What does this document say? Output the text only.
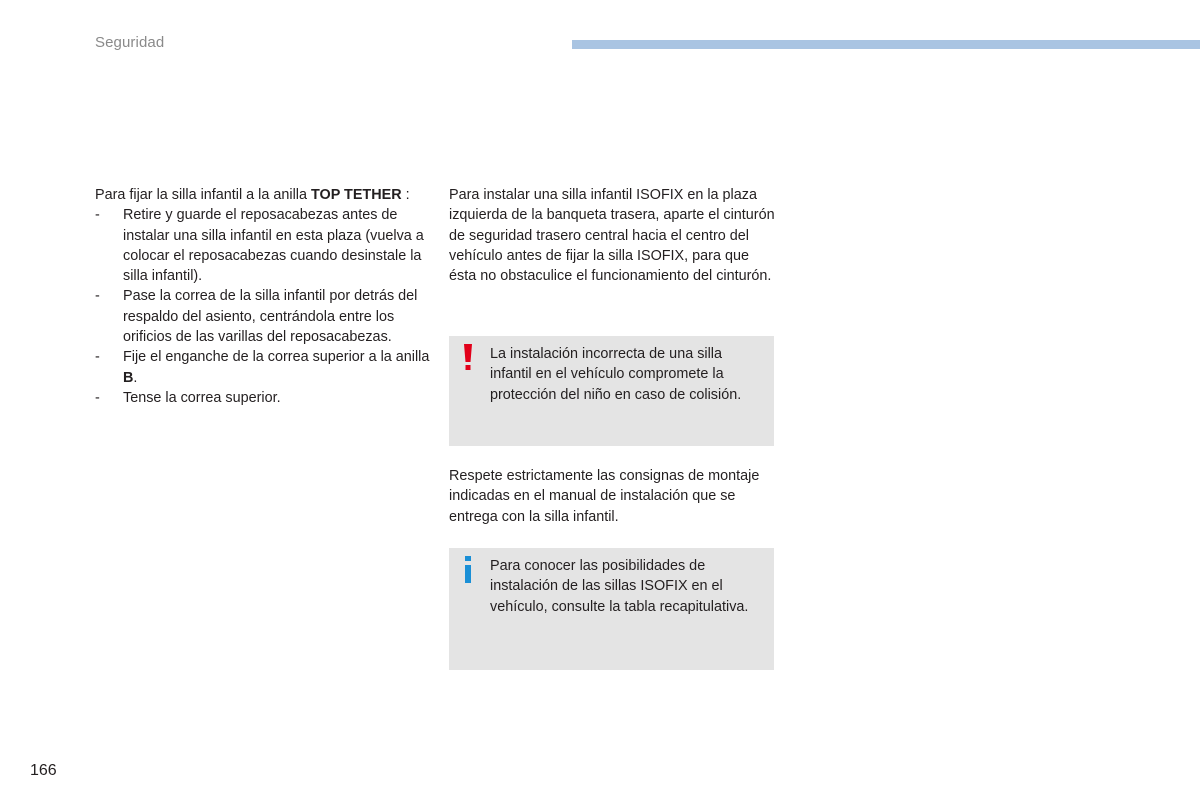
Seguridad

Para fijar la silla infantil a la anilla TOP TETHER :

- Retire y guarde el reposacabezas antes de instalar una silla infantil en esta plaza (vuelva a colocar el reposacabezas cuando desinstale la silla infantil).
- Pase la correa de la silla infantil por detrás del respaldo del asiento, centrándola entre los orificios de las varillas del reposacabezas.
- Fije el enganche de la correa superior a la anilla B.
- Tense la correa superior.

Para instalar una silla infantil ISOFIX en la plaza izquierda de la banqueta trasera, aparte el cinturón de seguridad trasero central hacia el centro del vehículo antes de fijar la silla ISOFIX, para que ésta no obstaculice el funcionamiento del cinturón.

La instalación incorrecta de una silla infantil en el vehículo compromete la protección del niño en caso de colisión.

Respete estrictamente las consignas de montaje indicadas en el manual de instalación que se entrega con la silla infantil.

Para conocer las posibilidades de instalación de las sillas ISOFIX en el vehículo, consulte la tabla recapitulativa.
166
